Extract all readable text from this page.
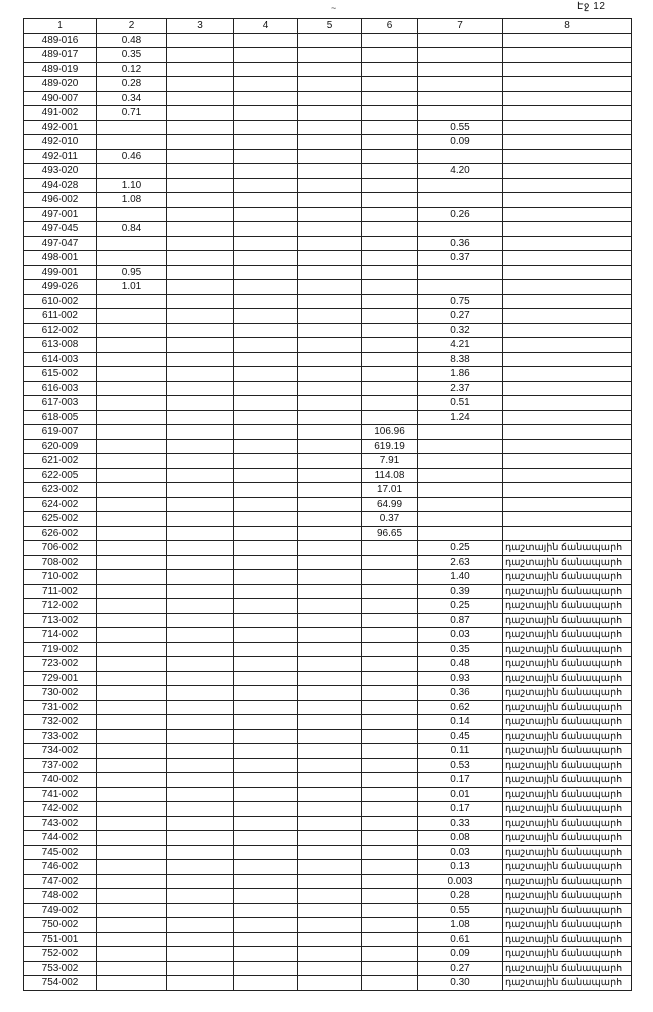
Էջ 12
~
1	2	3	4	5	6	7	8
489-016	0.48						
489-017	0.35						
489-019	0.12						
489-020	0.28						
490-007	0.34						
491-002	0.71						
492-001						0.55	
492-010						0.09	
492-011	0.46						
493-020						4.20	
494-028	1.10						
496-002	1.08						
497-001						0.26	
497-045	0.84						
497-047						0.36	
498-001						0.37	
499-001	0.95						
499-026	1.01						
610-002						0.75	
611-002						0.27	
612-002						0.32	
613-008						4.21	
614-003						8.38	
615-002						1.86	
616-003						2.37	
617-003						0.51	
618-005						1.24	
619-007					106.96		
620-009					619.19		
621-002					7.91		
622-005					114.08		
623-002					17.01		
624-002					64.99		
625-002					0.37		
626-002					96.65		
706-002						0.25	դաշտային ճանապարհ
708-002						2.63	դաշտային ճանապարհ
710-002						1.40	դաշտային ճանապարհ
711-002						0.39	դաշտային ճանապարհ
712-002						0.25	դաշտային ճանապարհ
713-002						0.87	դաշտային ճանապարհ
714-002						0.03	դաշտային ճանապարհ
719-002						0.35	դաշտային ճանապարհ
723-002						0.48	դաշտային ճանապարհ
729-001						0.93	դաշտային ճանապարհ
730-002						0.36	դաշտային ճանապարհ
731-002						0.62	դաշտային ճանապարհ
732-002						0.14	դաշտային ճանապարհ
733-002						0.45	դաշտային ճանապարհ
734-002						0.11	դաշտային ճանապարհ
737-002						0.53	դաշտային ճանապարհ
740-002						0.17	դաշտային ճանապարհ
741-002						0.01	դաշտային ճանապարհ
742-002						0.17	դաշտային ճանապարհ
743-002						0.33	դաշտային ճանապարհ
744-002						0.08	դաշտային ճանապարհ
745-002						0.03	դաշտային ճանապարհ
746-002						0.13	դաշտային ճանապարհ
747-002						0.003	դաշտային ճանապարհ
748-002						0.28	դաշտային ճանապարհ
749-002						0.55	դաշտային ճանապարհ
750-002						1.08	դաշտային ճանապարհ
751-001						0.61	դաշտային ճանապարհ
752-002						0.09	դաշտային ճանապարհ
753-002						0.27	դաշտային ճանապարհ
754-002						0.30	դաշտային ճանապարհ
